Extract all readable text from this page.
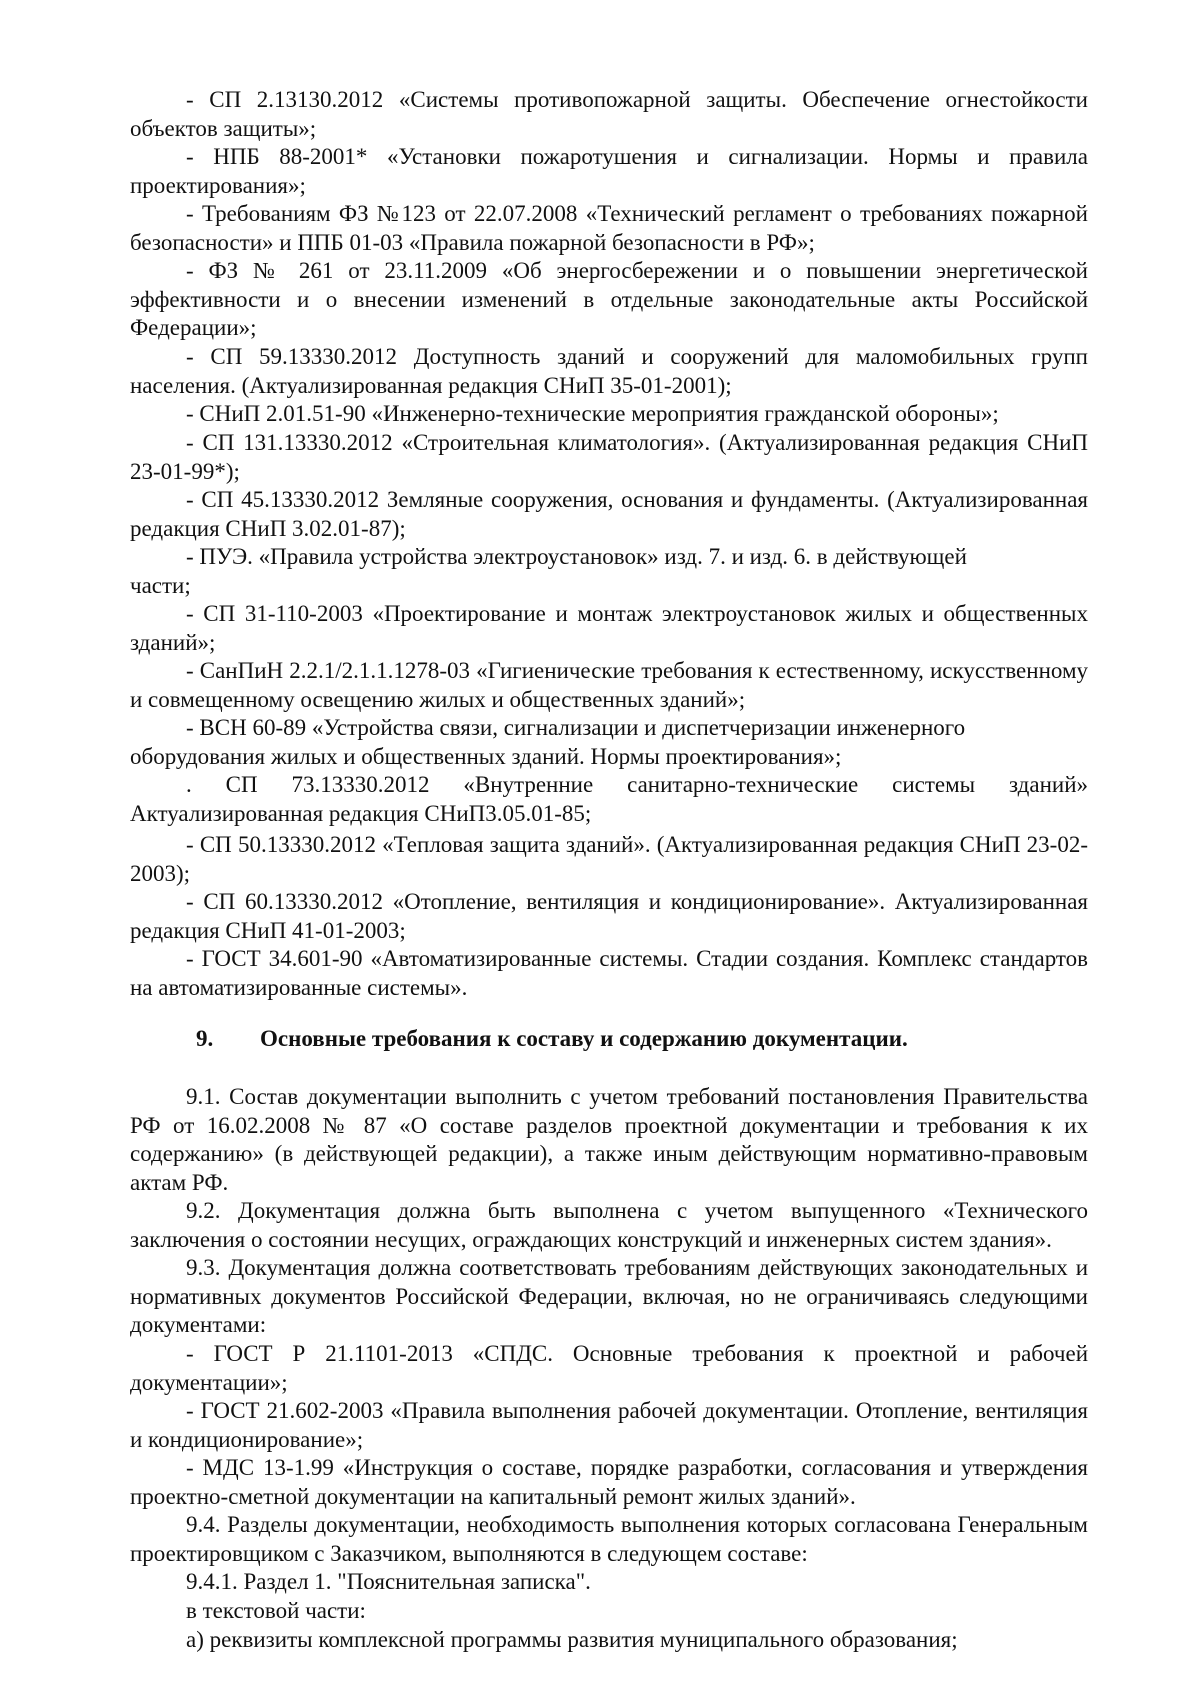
- СП 2.13130.2012 «Системы противопожарной защиты. Обеспечение огнестойкости объектов защиты»;
- НПБ 88-2001* «Установки пожаротушения и сигнализации. Нормы и правила проектирования»;
- Требованиям ФЗ №123 от 22.07.2008 «Технический регламент о требованиях пожарной безопасности» и ППБ 01-03 «Правила пожарной безопасности в РФ»;
- ФЗ № 261 от 23.11.2009 «Об энергосбережении и о повышении энергетической эффективности и о внесении изменений в отдельные законодательные акты Российской Федерации»;
- СП 59.13330.2012 Доступность зданий и сооружений для маломобильных групп населения. (Актуализированная редакция СНиП 35-01-2001);
- СНиП 2.01.51-90 «Инженерно-технические мероприятия гражданской обороны»;
- СП 131.13330.2012 «Строительная климатология». (Актуализированная редакция СНиП 23-01-99*);
- СП 45.13330.2012 Земляные сооружения, основания и фундаменты. (Актуализированная редакция СНиП 3.02.01-87);
- ПУЭ. «Правила устройства электроустановок» изд. 7. и изд. 6. в действующей части;
- СП 31-110-2003 «Проектирование и монтаж электроустановок жилых и общественных зданий»;
- СанПиН 2.2.1/2.1.1.1278-03 «Гигиенические требования к естественному, искусственному и совмещенному освещению жилых и общественных зданий»;
- ВСН 60-89 «Устройства связи, сигнализации и диспетчеризации инженерного оборудования жилых и общественных зданий. Нормы проектирования»;
. СП 73.13330.2012 «Внутренние санитарно-технические системы зданий» Актуализированная редакция СНиП3.05.01-85;
- СП 50.13330.2012 «Тепловая защита зданий». (Актуализированная редакция СНиП 23-02-2003);
- СП 60.13330.2012 «Отопление, вентиляция и кондиционирование». Актуализированная редакция СНиП 41-01-2003;
- ГОСТ 34.601-90 «Автоматизированные системы. Стадии создания. Комплекс стандартов на автоматизированные системы».
9. Основные требования к составу и содержанию документации.
9.1. Состав документации выполнить с учетом требований постановления Правительства РФ от 16.02.2008 № 87 «О составе разделов проектной документации и требования к их содержанию» (в действующей редакции), а также иным действующим нормативно-правовым актам РФ.
9.2. Документация должна быть выполнена с учетом выпущенного «Технического заключения о состоянии несущих, ограждающих конструкций и инженерных систем здания».
9.3. Документация должна соответствовать требованиям действующих законодательных и нормативных документов Российской Федерации, включая, но не ограничиваясь следующими документами:
- ГОСТ Р 21.1101-2013 «СПДС. Основные требования к проектной и рабочей документации»;
- ГОСТ 21.602-2003 «Правила выполнения рабочей документации. Отопление, вентиляция и кондиционирование»;
- МДС 13-1.99 «Инструкция о составе, порядке разработки, согласования и утверждения проектно-сметной документации на капитальный ремонт жилых зданий».
9.4. Разделы документации, необходимость выполнения которых согласована Генеральным проектировщиком с Заказчиком, выполняются в следующем составе:
9.4.1. Раздел 1. "Пояснительная записка".
в текстовой части:
а) реквизиты комплексной программы развития муниципального образования;
